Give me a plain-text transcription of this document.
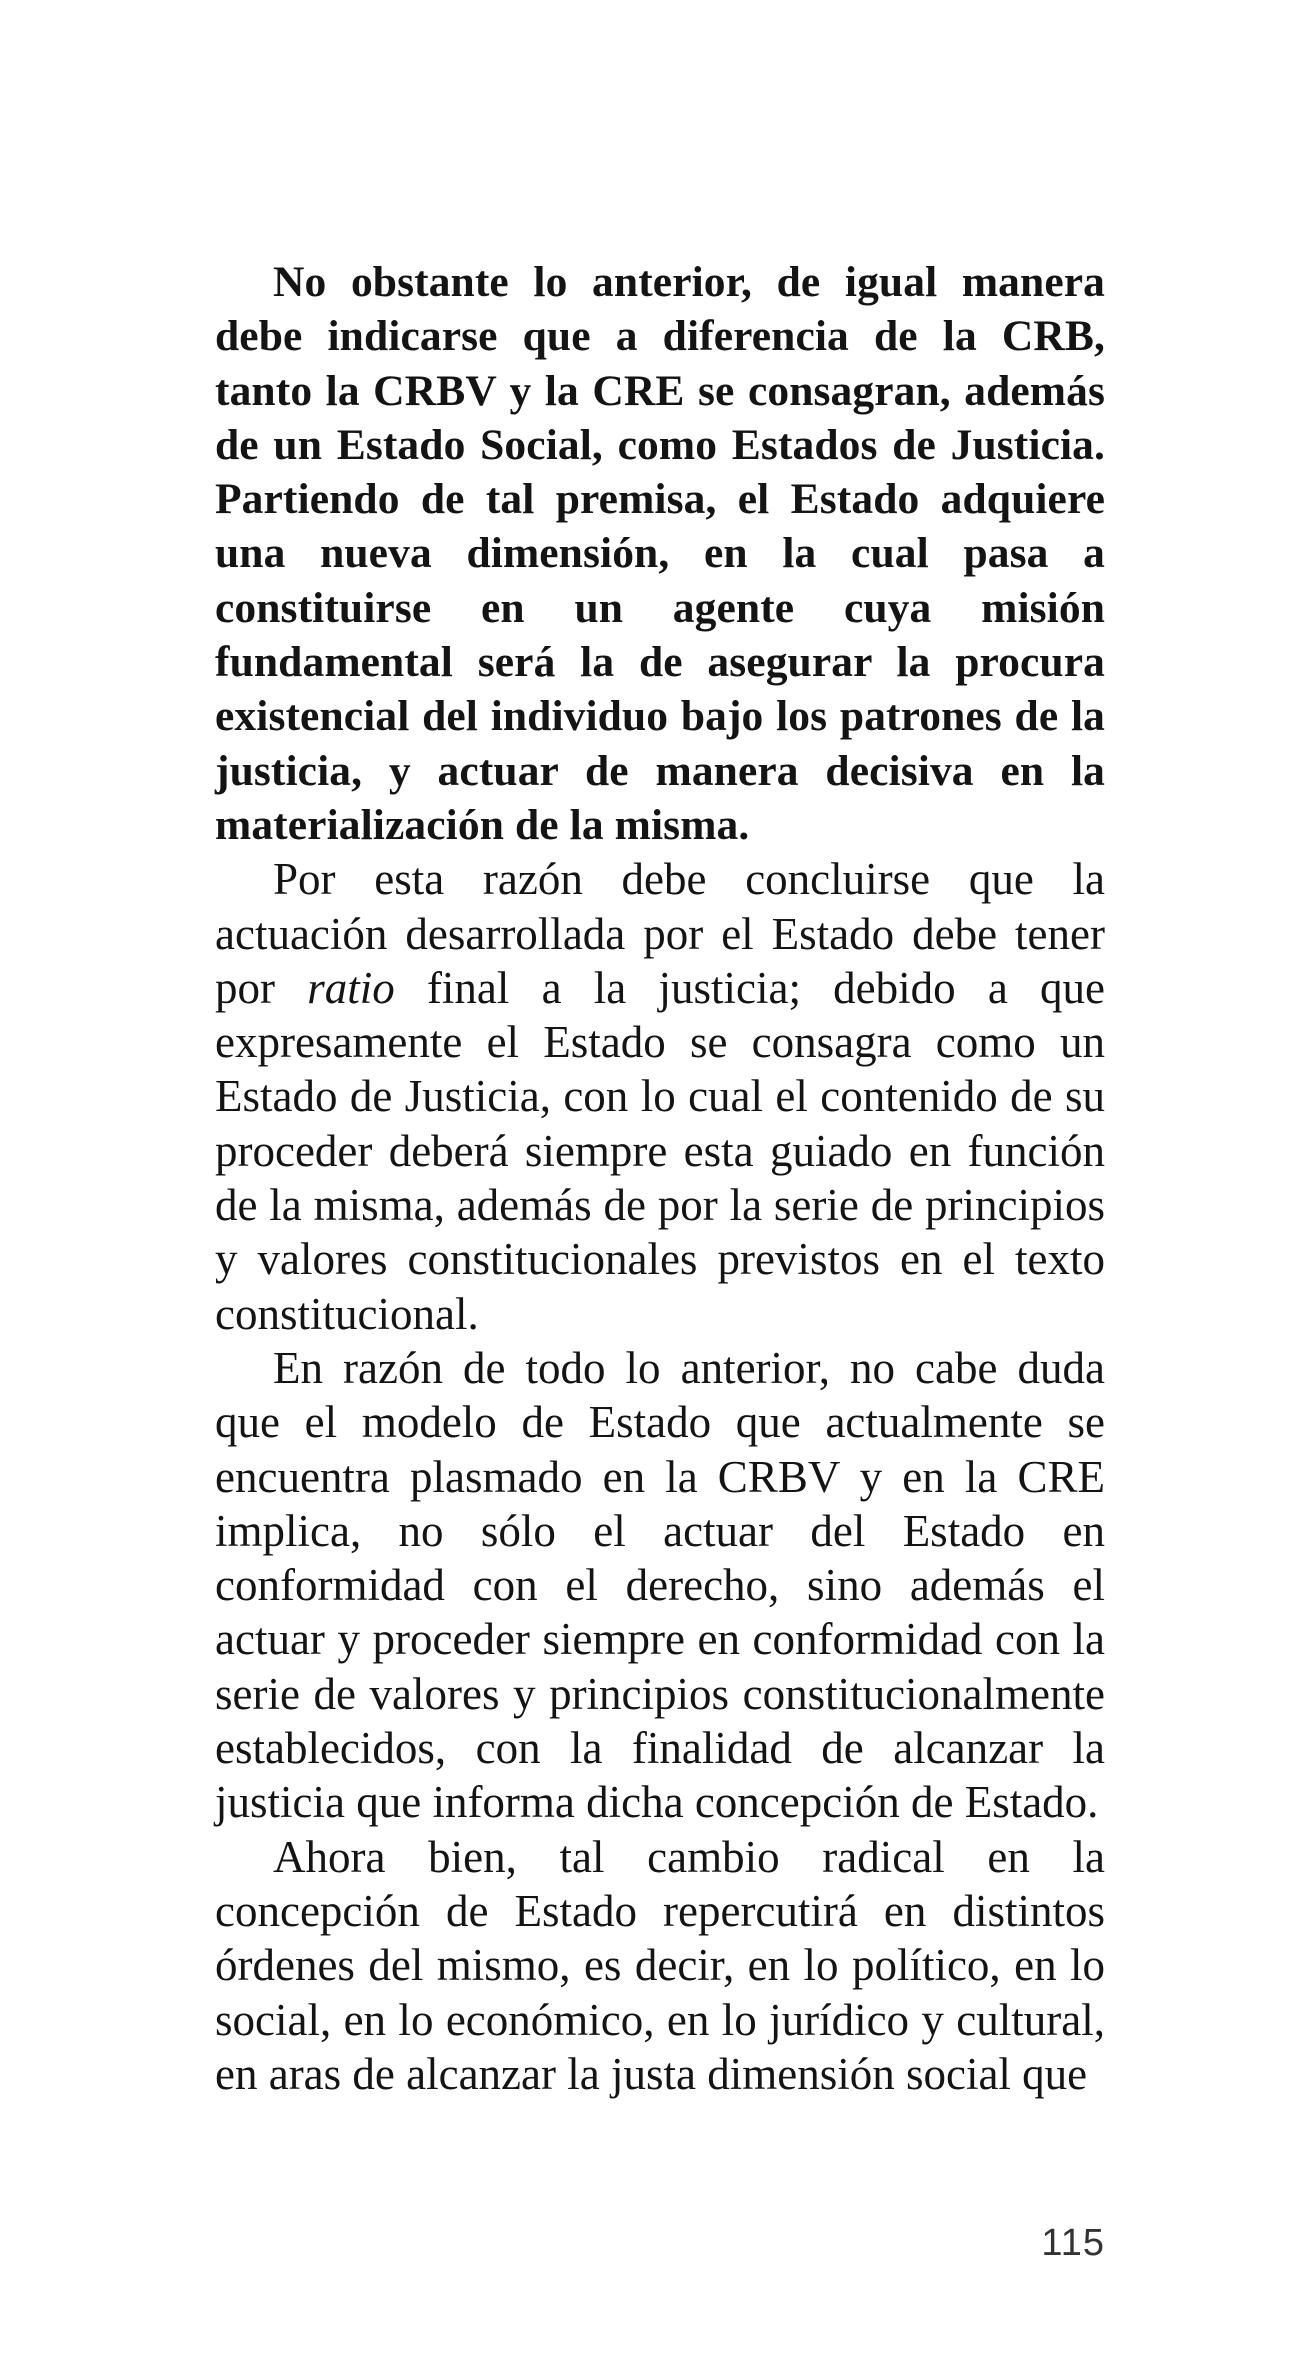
No obstante lo anterior, de igual manera debe indicarse que a diferencia de la CRB, tanto la CRBV y la CRE se consagran, además de un Estado Social, como Estados de Justicia. Partiendo de tal premisa, el Estado adquiere una nueva dimensión, en la cual pasa a constituirse en un agente cuya misión fundamental será la de asegurar la procura existencial del individuo bajo los patrones de la justicia, y actuar de manera decisiva en la materialización de la misma.

Por esta razón debe concluirse que la actuación desarrollada por el Estado debe tener por ratio final a la justicia; debido a que expresamente el Estado se consagra como un Estado de Justicia, con lo cual el contenido de su proceder deberá siempre esta guiado en función de la misma, además de por la serie de principios y valores constitucionales previstos en el texto constitucional.

En razón de todo lo anterior, no cabe duda que el modelo de Estado que actualmente se encuentra plasmado en la CRBV y en la CRE implica, no sólo el actuar del Estado en conformidad con el derecho, sino además el actuar y proceder siempre en conformidad con la serie de valores y principios constitucionalmente establecidos, con la finalidad de alcanzar la justicia que informa dicha concepción de Estado.

Ahora bien, tal cambio radical en la concepción de Estado repercutirá en distintos órdenes del mismo, es decir, en lo político, en lo social, en lo económico, en lo jurídico y cultural, en aras de alcanzar la justa dimensión social que

115
